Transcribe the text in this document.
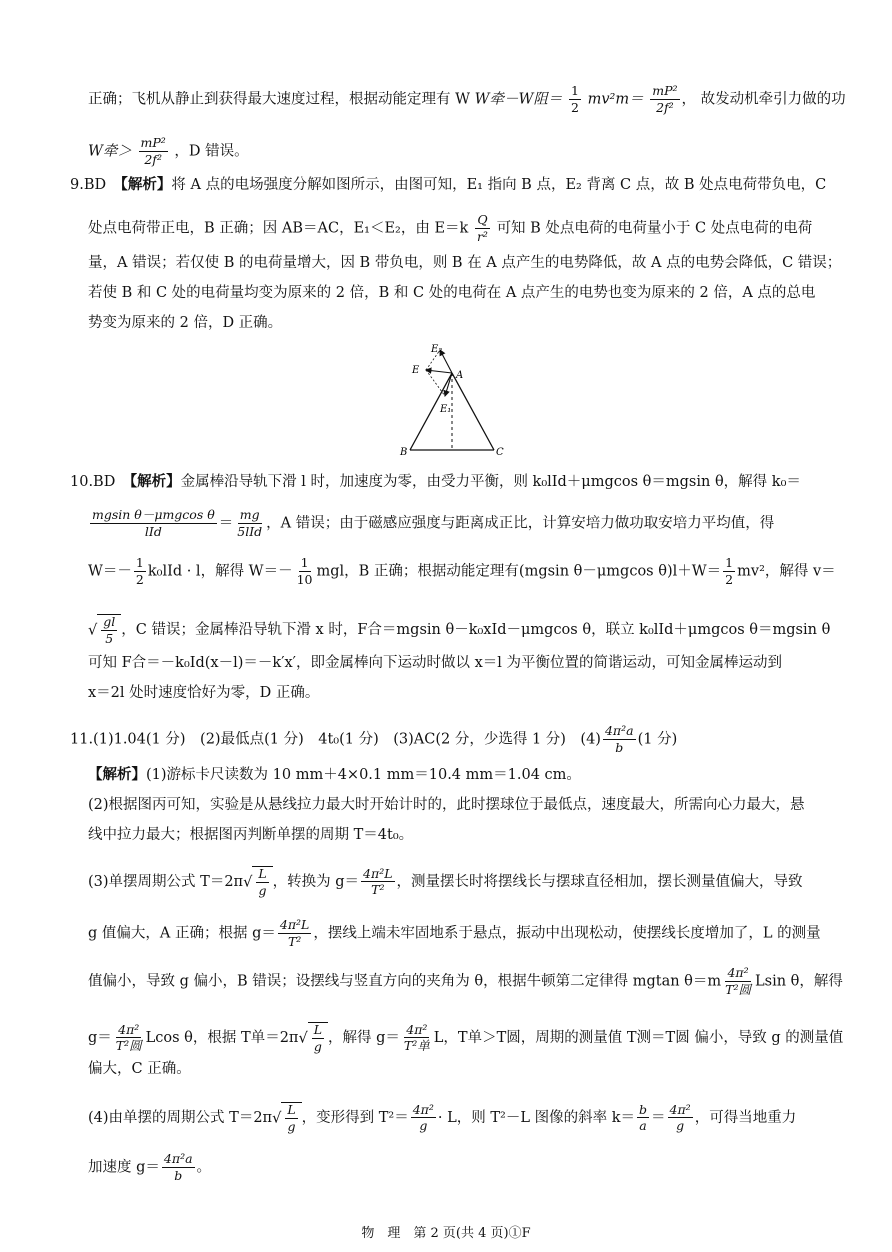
正确；飞机从静止到获得最大速度过程，根据动能定理有 W W牵－W阻＝ $\frac{1}{2} mv^2m= \frac{\text{mP²}}{\text{2f²}}$ ， 故发动机牵引力做的功
W牵＞ $\frac{\text{mP²}}{\text{2f²}}$ ，D 错误。
9.BD　 【解析】将 A 点的电场强度分解如图所示，由图可知，E₁ 指向 B 点，E₂ 背离 C 点，故 B 处点电荷带负电，C
处点电荷带正电，B 正确；因 AB＝AC，E₁＜E₂，由 $E=k \frac{Q}{\text{r²}}$ 可知 B 处点电荷的电荷量小于 C 处点电荷的电荷
量，A 错误；若仅使 B 的电荷量增大，因 B 带负电，则 B 在 A 点产生的电势降低，故 A 点的电势会降低，C 错误；
若使 B 和 C 处的电荷量均变为原来的 2 倍，B 和 C 处的电荷在 A 点产生的电势也变为原来的 2 倍，A 点的总电
势变为原来的 2 倍，D 正确。
E₂
E	A
E₁
B	C
10.BD　 【解析】金属棒沿导轨下滑 l 时，加速度为零，由受力平衡，则 k₀lId＋μmgcos θ＝mgsin θ，解得 k₀＝
mgsin θ－μmgcos θ
lId	＝
mg
5lId ，A 错误；由于磁感应强度与距离成正比，计算安培力做功取安培力平均值，得
$W=- \frac{1}{2} k_0lId \cdot l$，解得 $W=- \frac{1}{10}$ mgl，B 正确；根据动能定理有(mgsin θ－μmgcos $\theta)l+W= \frac{1}{2} mv^2$，解得 v＝
√ $\frac{gl}{5}$ ，C 错误；金属棒沿导轨下滑 x 时，F合＝mgsin θ－k₀xId－μmgcos θ，联立 k₀lId＋μmgcos θ＝mgsin θ
可知 F合＝－k₀Id(x－l)＝－k′x′，即金属棒向下运动时做以 x＝l 为平衡位置的简谐运动，可知金属棒运动到
x＝2l 处时速度恰好为零，D 正确。
11.(1)1.04(1 分)　(2)最低点(1 分)　4t₀(1 分)　(3)AC(2 分，少选得 1 分)　$(4) \frac{\text{4π²a}}{b} (1$ 分)
【解析】(1)游标卡尺读数为 10 mm＋4×0.1 mm＝10.4 mm＝1.04 cm。
(2)根据图丙可知，实验是从悬线拉力最大时开始计时的，此时摆球位于最低点，速度最大，所需向心力最大，悬
线中拉力最大；根据图丙判断单摆的周期 T＝4t₀。
(3)单摆周期公式 $T=2\pi√ \frac{L}{g}$ ，转换为 $g= \frac{\text{4π²L}}{\text{T²}}$ ，测量摆长时将摆线长与摆球直径相加，摆长测量值偏大，导致
g 值偏大，A 正确；根据 $g= \frac{\text{4π²L}}{\text{T²}}$ ，摆线上端未牢固地系于悬点，振动中出现松动，使摆线长度增加了，L 的测量
值偏小，导致 g 偏小，B 错误；设摆线与竖直方向的夹角为 θ，根据牛顿第二定律得 mgtan θ＝m
4π²
T²圆 Lsin θ，解得
g＝
4π²
T²圆 Lcos θ，根据 T单$=2\pi√ \frac{L}{g}$ ，解得 g＝
4π²
T²单 L，T单＞T圆，周期的测量值 T测＝T圆 偏小，导致 g 的测量值
偏大，C 正确。
(4)由单摆的周期公式 $T=2\pi√ \frac{L}{g}$ ，变形得到 $T^2= \frac{\text{4π²}}{g} \cdot L$，则 T²－L 图像的斜率 $k= \frac{b}{a} = \frac{\text{4π²}}{g}$ ，可得当地重力
加速度 $g= \frac{\text{4π²a}}{b}$ 。
物　理　第 2 页(共 4 页)①F
